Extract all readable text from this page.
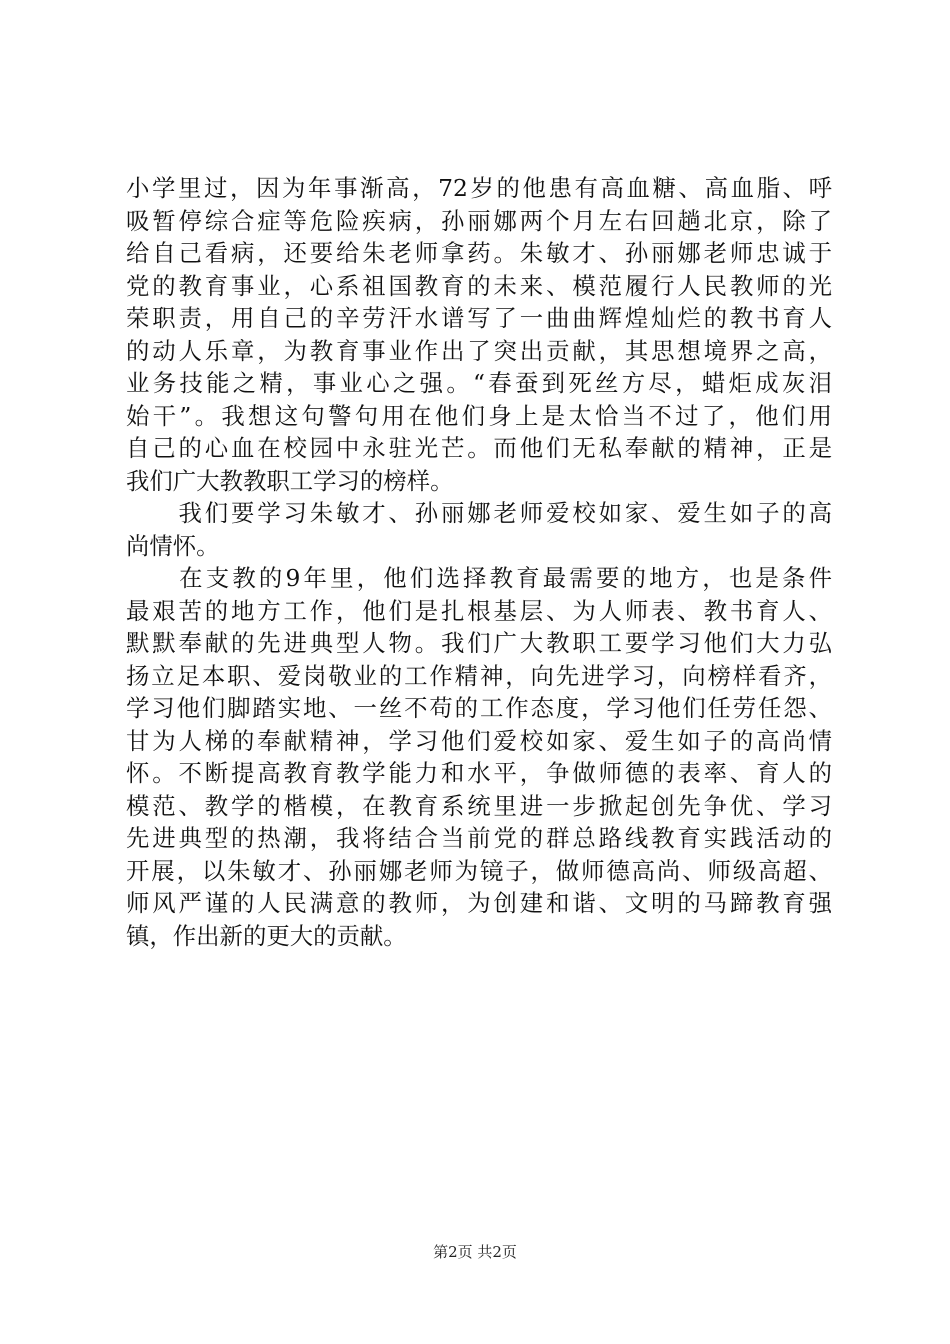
小学里过，因为年事渐高，72岁的他患有高血糖、高血脂、呼
吸暂停综合症等危险疾病，孙丽娜两个月左右回趟北京，除了
给自己看病，还要给朱老师拿药。朱敏才、孙丽娜老师忠诚于
党的教育事业，心系祖国教育的未来、模范履行人民教师的光
荣职责，用自己的辛劳汗水谱写了一曲曲辉煌灿烂的教书育人
的动人乐章，为教育事业作出了突出贡献，其思想境界之高，
业务技能之精，事业心之强。“春蚕到死丝方尽，蜡炬成灰泪
始干”。我想这句警句用在他们身上是太恰当不过了，他们用
自己的心血在校园中永驻光芒。而他们无私奉献的精神，正是
我们广大教教职工学习的榜样。
　　我们要学习朱敏才、孙丽娜老师爱校如家、爱生如子的高
尚情怀。
　　在支教的9年里，他们选择教育最需要的地方，也是条件
最艰苦的地方工作，他们是扎根基层、为人师表、教书育人、
默默奉献的先进典型人物。我们广大教职工要学习他们大力弘
扬立足本职、爱岗敬业的工作精神，向先进学习，向榜样看齐，
学习他们脚踏实地、一丝不苟的工作态度，学习他们任劳任怨、
甘为人梯的奉献精神，学习他们爱校如家、爱生如子的高尚情
怀。不断提高教育教学能力和水平，争做师德的表率、育人的
模范、教学的楷模，在教育系统里进一步掀起创先争优、学习
先进典型的热潮，我将结合当前党的群总路线教育实践活动的
开展，以朱敏才、孙丽娜老师为镜子，做师德高尚、师级高超、
师风严谨的人民满意的教师，为创建和谐、文明的马蹄教育强
镇，作出新的更大的贡献。
第2页 共2页
